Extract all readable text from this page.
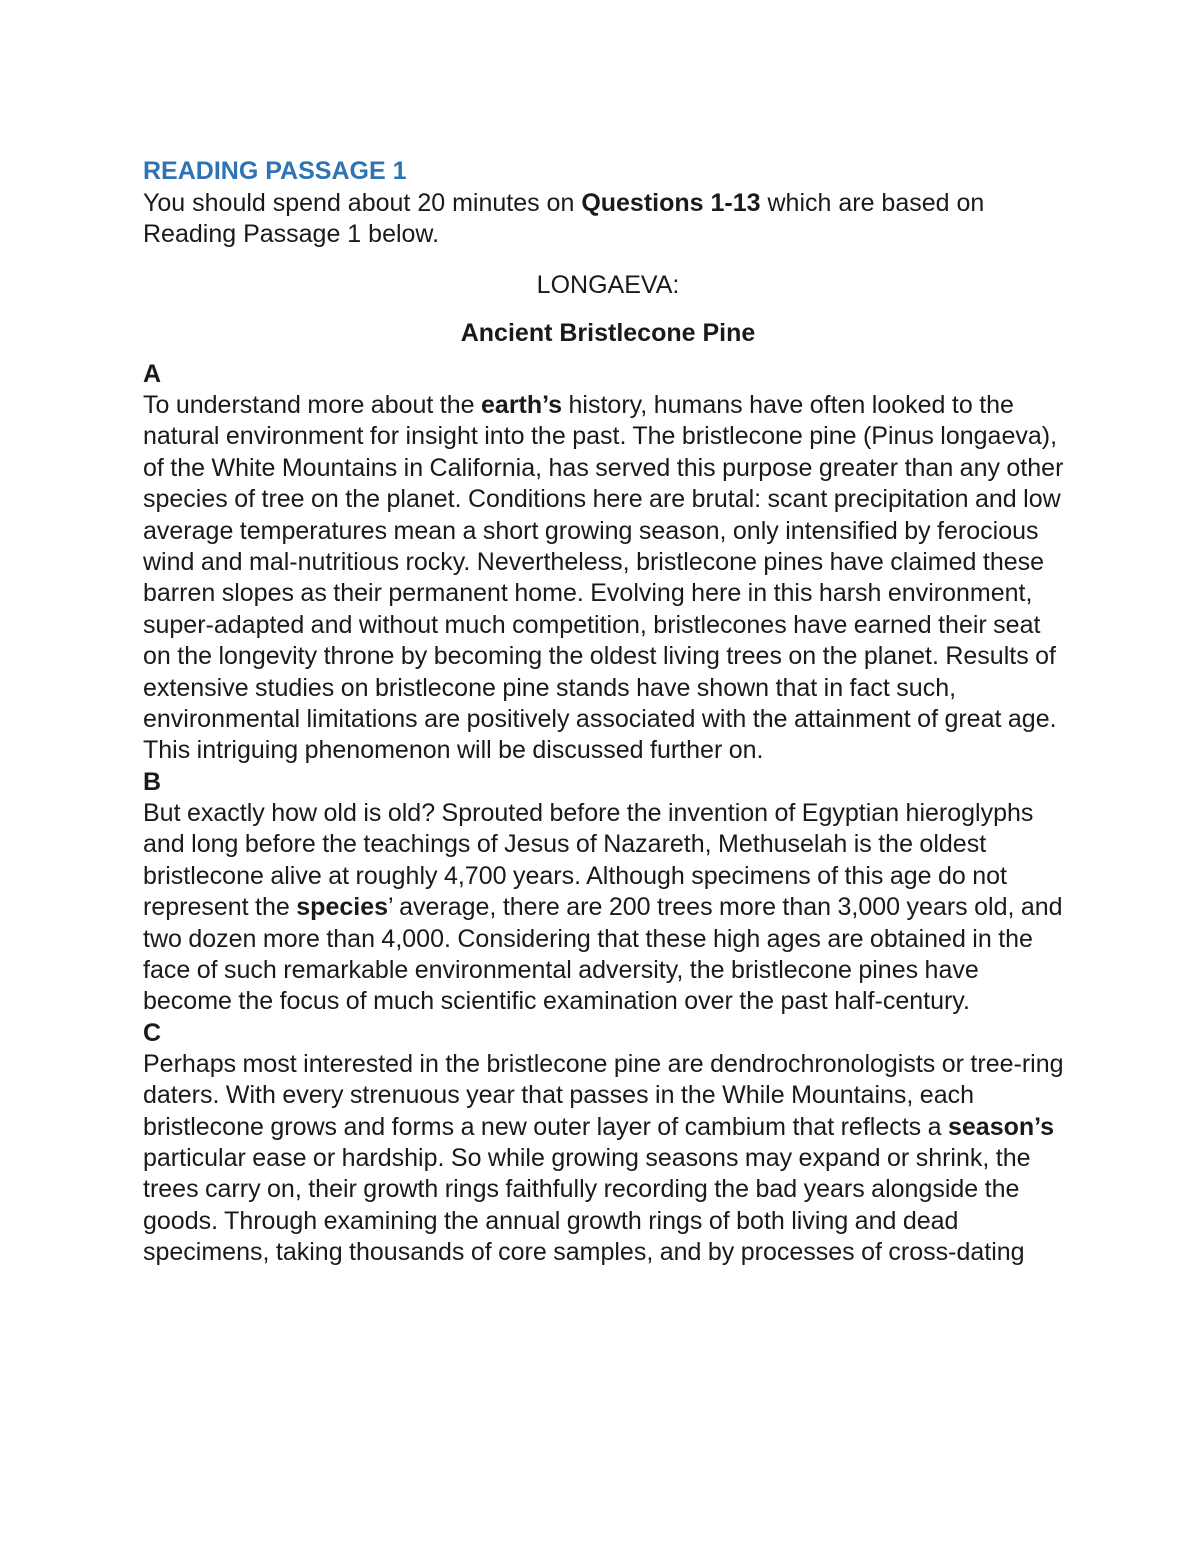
READING PASSAGE 1
You should spend about 20 minutes on Questions 1-13 which are based on Reading Passage 1 below.
LONGAEVA:
Ancient Bristlecone Pine
A
To understand more about the earth’s history, humans have often looked to the natural environment for insight into the past. The bristlecone pine (Pinus longaeva), of the White Mountains in California, has served this purpose greater than any other species of tree on the planet. Conditions here are brutal: scant precipitation and low average temperatures mean a short growing season, only intensified by ferocious wind and mal-nutritious rocky. Nevertheless, bristlecone pines have claimed these barren slopes as their permanent home. Evolving here in this harsh environment, super-adapted and without much competition, bristlecones have earned their seat on the longevity throne by becoming the oldest living trees on the planet. Results of extensive studies on bristlecone pine stands have shown that in fact such, environmental limitations are positively associated with the attainment of great age. This intriguing phenomenon will be discussed further on.
B
But exactly how old is old? Sprouted before the invention of Egyptian hieroglyphs and long before the teachings of Jesus of Nazareth, Methuselah is the oldest bristlecone alive at roughly 4,700 years. Although specimens of this age do not represent the species’ average, there are 200 trees more than 3,000 years old, and two dozen more than 4,000. Considering that these high ages are obtained in the face of such remarkable environmental adversity, the bristlecone pines have become the focus of much scientific examination over the past half-century.
C
Perhaps most interested in the bristlecone pine are dendrochronologists or tree-ring daters. With every strenuous year that passes in the While Mountains, each bristlecone grows and forms a new outer layer of cambium that reflects a season’s particular ease or hardship. So while growing seasons may expand or shrink, the trees carry on, their growth rings faithfully recording the bad years alongside the goods. Through examining the annual growth rings of both living and dead specimens, taking thousands of core samples, and by processes of cross-dating
